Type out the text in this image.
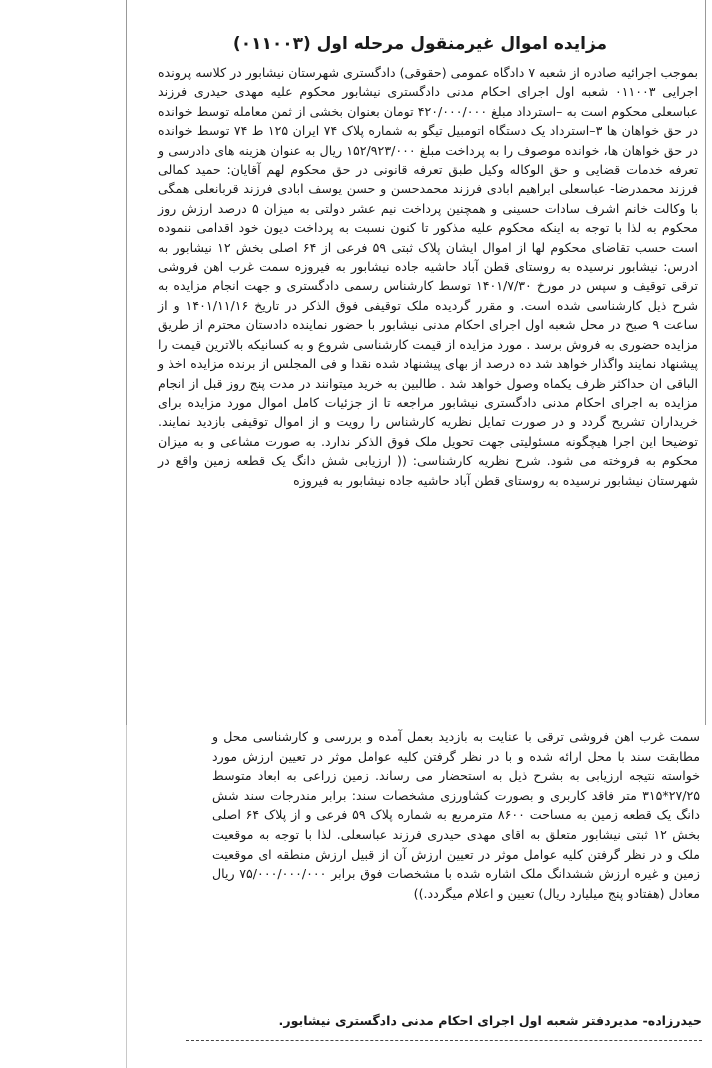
مزایده اموال غیرمنقول مرحله اول (۰۱۱۰۰۳)

بموجب اجرائیه صادره از شعبه ۷ دادگاه عمومی (حقوقی) دادگستری شهرستان نیشابور در کلاسه پرونده اجرایی ۰۱۱۰۰۳ شعبه اول اجرای احکام مدنی دادگستری نیشابور محکوم علیه مهدی حیدری فرزند عباسعلی محکوم است به –استرداد مبلغ ۴۲۰/۰۰۰/۰۰۰ تومان بعنوان بخشی از ثمن معامله توسط خوانده در حق خواهان ها ۳–استرداد یک دستگاه اتومبیل تیگو به شماره پلاک ۷۴ ایران ۱۲۵ ط ۷۴ توسط خوانده در حق خواهان ها، خوانده موصوف را به پرداخت مبلغ ۱۵۲/۹۲۳/۰۰۰ ریال به عنوان هزینه های دادرسی و تعرفه خدمات قضایی و حق الوکاله وکیل طبق تعرفه قانونی در حق محکوم لهم آقایان: حمید کمالی فرزند محمدرضا- عباسعلی ابراهیم ابادی فرزند محمدحسن و حسن یوسف ابادی فرزند قربانعلی همگی با وکالت خانم اشرف سادات حسینی و همچنین پرداخت نیم عشر دولتی به میزان ۵ درصد ارزش روز محکوم به لذا با توجه به اینکه محکوم علیه مذکور تا کنون نسبت به پرداخت دیون خود اقدامی ننموده است حسب تقاضای محکوم لها از اموال ایشان پلاک ثبتی ۵۹ فرعی از ۶۴ اصلی بخش ۱۲ نیشابور به ادرس: نیشابور نرسیده به روستای قطن آباد حاشیه جاده نیشابور به فیروزه سمت غرب اهن فروشی ترقی توقیف و سپس در مورخ ۱۴۰۱/۷/۳۰ توسط کارشناس رسمی دادگستری و جهت انجام مزایده به شرح ذیل کارشناسی شده است. و مقرر گردیده ملک توقیفی فوق الذکر در تاریخ ۱۴۰۱/۱۱/۱۶ و از ساعت ۹ صبح در محل شعبه اول اجرای احکام مدنی نیشابور با حضور نماینده دادستان محترم از طریق مزایده حضوری به فروش برسد . مورد مزایده از قیمت کارشناسی شروع و به کسانیکه بالاترین قیمت را پیشنهاد نمایند واگذار خواهد شد ده درصد از بهای پیشنهاد شده نقدا و فی المجلس از برنده مزایده اخذ و الباقی ان حداکثر ظرف یکماه وصول خواهد شد . طالبین به خرید میتوانند در مدت پنج روز قبل از انجام مزایده به اجرای احکام مدنی دادگستری نیشابور مراجعه تا از جزئیات کامل اموال مورد مزایده برای خریداران تشریح گردد و در صورت تمایل نظریه کارشناس را رویت و از اموال توقیفی بازدید نمایند. توضیحا این اجرا هیچگونه مسئولیتی جهت تحویل ملک فوق الذکر ندارد. به صورت مشاعی و به میزان محکوم به فروخته می شود. شرح نظریه کارشناسی: (( ارزیابی شش دانگ یک قطعه زمین واقع در شهرستان نیشابور نرسیده به روستای قطن آباد حاشیه جاده نیشابور به فیروزه

سمت غرب اهن فروشی ترقی با عنایت به بازدید بعمل آمده و بررسی و کارشناسی محل و مطابقت سند با محل ارائه شده و با در نظر گرفتن کلیه عوامل موثر در تعیین ارزش مورد خواسته نتیجه ارزیابی به بشرح ذیل به استحضار می رساند. زمین زراعی به ابعاد متوسط ۲۷/۲۵*۳۱۵ متر فاقد کاربری و بصورت کشاورزی مشخصات سند: برابر مندرجات سند شش دانگ یک قطعه زمین به مساحت ۸۶۰۰ مترمربع به شماره پلاک ۵۹ فرعی و از پلاک ۶۴ اصلی بخش ۱۲ ثبتی نیشابور متعلق به اقای مهدی حیدری فرزند عباسعلی. لذا با توجه به موقعیت ملک و در نظر گرفتن کلیه عوامل موثر در تعیین ارزش آن از قبیل ارزش منطقه ای موقعیت زمین و غیره ارزش ششدانگ ملک اشاره شده با مشخصات فوق برابر ۷۵/۰۰۰/۰۰۰/۰۰۰ ریال معادل (هفتادو پنج میلیارد ریال) تعیین و اعلام میگردد.))

حیدرزاده- مدیردفتر شعبه اول اجرای احکام مدنی دادگستری نیشابور.
